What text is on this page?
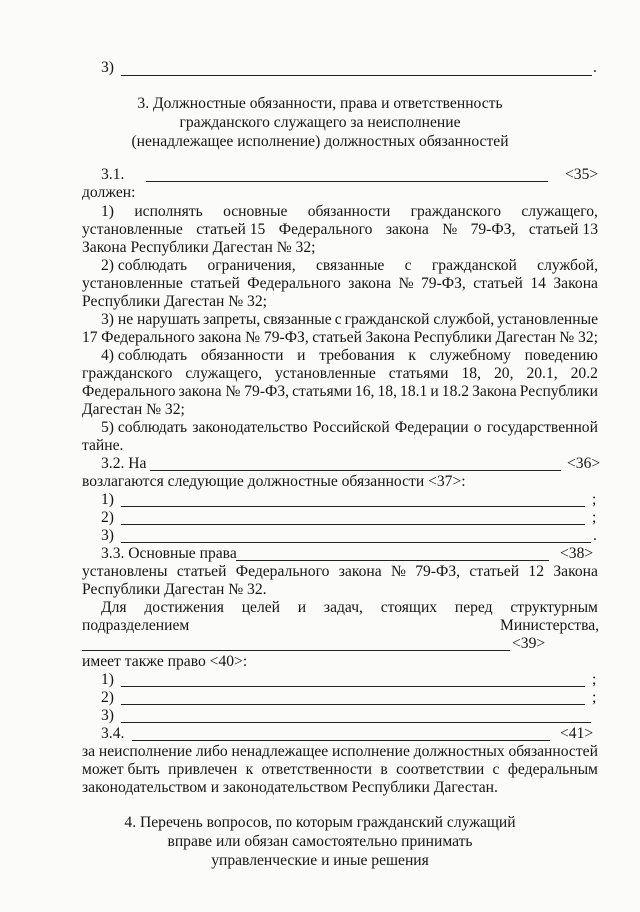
3)	.
3. Должностные обязанности, права и ответственность
гражданского служащего за неисполнение
(ненадлежащее исполнение) должностных обязанностей
3.1.	<35>
должен:
1) исполнять основные обязанности гражданского служащего,
установленные статьей 15 Федерального закона № 79-ФЗ, статьей 13
Закона Республики Дагестан № 32;
2) соблюдать ограничения, связанные с гражданской службой,
установленные статьей Федерального закона № 79-ФЗ, статьей 14 Закона
Республики Дагестан № 32;
3) не нарушать запреты, связанные с гражданской службой, установленные
17 Федерального закона № 79-ФЗ, статьей Закона Республики Дагестан № 32;
4) соблюдать обязанности и требования к служебному поведению
гражданского служащего, установленные статьями 18, 20, 20.1, 20.2
Федерального закона № 79-ФЗ, статьями 16, 18, 18.1 и 18.2 Закона Республики
Дагестан № 32;
5) соблюдать законодательство Российской Федерации о государственной
тайне.
3.2. На	<36>
возлагаются следующие должностные обязанности <37>:
1)	;
2)	;
3)	.
3.3. Основные права	<38>
установлены статьей Федерального закона № 79-ФЗ, статьей 12 Закона
Республики Дагестан № 32.
Для достижения целей и задач, стоящих перед структурным
подразделением	Министерства,
<39>
имеет также право <40>:
1)	;
2)	;
3)
3.4.	<41>
за неисполнение либо ненадлежащее исполнение должностных обязанностей
может быть привлечен к ответственности в соответствии с федеральным
законодательством и законодательством Республики Дагестан.
4. Перечень вопросов, по которым гражданский служащий
вправе или обязан самостоятельно принимать
управленческие и иные решения
